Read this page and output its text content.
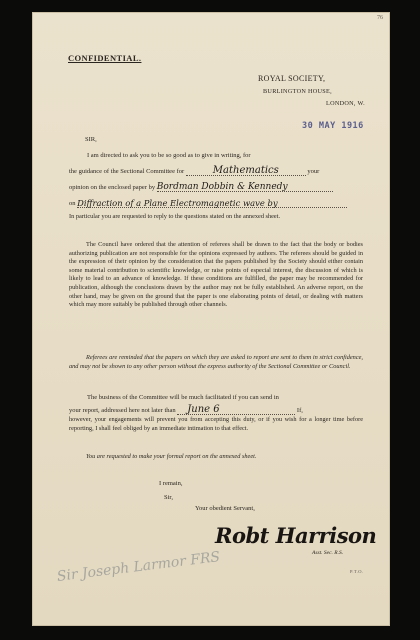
76
CONFIDENTIAL.
ROYAL SOCIETY,
BURLINGTON HOUSE,
LONDON, W.
30 MAY 1916
SIR,
I am directed to ask you to be so good as to give in writing, for
the guidance of the Sectional Committee for	Mathematics	your
opinion on the enclosed paper by Bordman Dobbin & Kennedy
on Diffraction of a Plane Electromagnetic wave by
In particular you are requested to reply to the questions stated on the annexed sheet.
The Council have ordered that the attention of referees shall be drawn to the fact that the body or bodies authorizing publication are not responsible for the opinions expressed by authors. The referees should be guided in the expression of their opinion by the consideration that the papers published by the Society should either contain some material contribution to scientific knowledge, or raise points of especial interest, the discussion of which is likely to lead to an advance of knowledge. If these conditions are fulfilled, the paper may be recommended for publication, although the conclusions drawn by the author may not be fully established. An adverse report, on the other hand, may be given on the ground that the paper is one elaborating points of detail, or dealing with matters which may more suitably be published through other channels.
Referees are reminded that the papers on which they are asked to report are sent to them in strict confidence, and may not be shown to any other person without the express authority of the Sectional Committee or Council.
The business of the Committee will be much facilitated if you can send in
your report, addressed here not later than June 6	If,
however, your engagements will prevent you from accepting this duty, or if you wish for a longer time before reporting, I shall feel obliged by an immediate intimation to that effect.
You are requested to make your formal report on the annexed sheet.
I remain,
Sir,
Your obedient Servant,
Robt Harrison
Asst. Sec. R.S.
P.T.O.
Sir Joseph Larmor FRS
